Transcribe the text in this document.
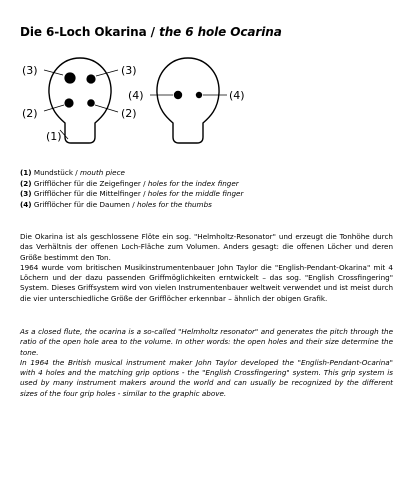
Die 6-Loch Okarina / the 6 hole Ocarina
(3)	(3)
(2)	(2)
(1)
(4)	(4)
(1) Mundstück / mouth piece
(2) Grifflöcher für die Zeigefinger / holes for the index finger
(3) Grifflöcher für die Mittelfinger / holes for the middle finger
(4) Grifflöcher für die Daumen / holes for the thumbs

Die Okarina ist als geschlossene Flöte ein sog. "Helmholtz-Resonator" und erzeugt die Tonhöhe durch das Verhältnis der offenen Loch-Fläche zum Volumen. Anders gesagt: die offenen Löcher und deren Größe bestimmt den Ton.

1964 wurde vom britischen Musikinstrumentenbauer John Taylor die "English-Pendant-Okarina" mit 4 Löchern und der dazu passenden Griffmöglichkeiten erntwickelt – das sog. "English Crossfingering" System. Dieses Griffsystem wird von vielen Instrumentenbauer weltweit verwendet und ist meist durch die vier unterschiedliche Größe der Grifflöcher erkennbar – ähnlich der obigen Grafik.

As a closed flute, the ocarina is a so-called "Helmholtz resonator" and generates the pitch through the ratio of the open hole area to the volume. In other words: the open holes and their size determine the tone.

In 1964 the British musical instrument maker John Taylor developed the "English-Pendant-Ocarina" with 4 holes and the matching grip options - the "English Crossfingering" system. This grip system is used by many instrument makers around the world and can usually be recognized by the different sizes of the four grip holes - similar to the graphic above.
